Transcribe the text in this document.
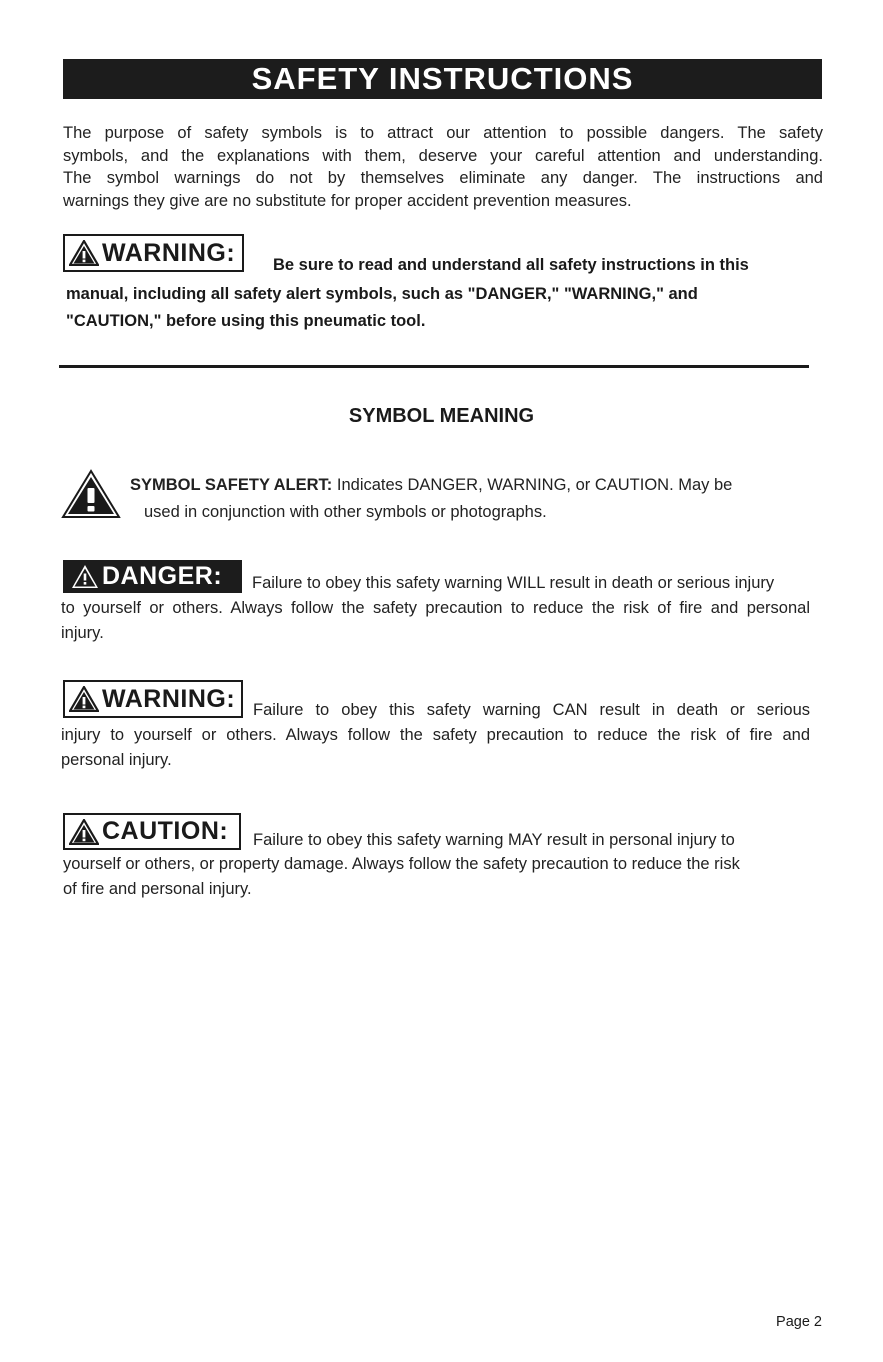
SAFETY INSTRUCTIONS
The purpose of safety symbols is to attract our attention to possible dangers. The safety
symbols, and the explanations with them, deserve your careful attention and understanding.
The symbol warnings do not by themselves eliminate any danger. The instructions and
warnings they give are no substitute for proper accident prevention measures.
WARNING: Be sure to read and understand all safety instructions in this
manual, including all safety alert symbols, such as "DANGER," "WARNING," and
"CAUTION," before using this pneumatic tool.
SYMBOL MEANING
SYMBOL SAFETY ALERT: Indicates DANGER, WARNING, or CAUTION. May be
used in conjunction with other symbols or photographs.
DANGER: Failure to obey this safety warning WILL result in death or serious injury
to yourself or others. Always follow the safety precaution to reduce the risk of fire and personal
injury.
WARNING: Failure to obey this safety warning CAN result in death or serious
injury to yourself or others. Always follow the safety precaution to reduce the risk of fire and
personal injury.
CAUTION: Failure to obey this safety warning MAY result in personal injury to
yourself or others, or property damage. Always follow the safety precaution to reduce the risk
of fire and personal injury.
Page 2
